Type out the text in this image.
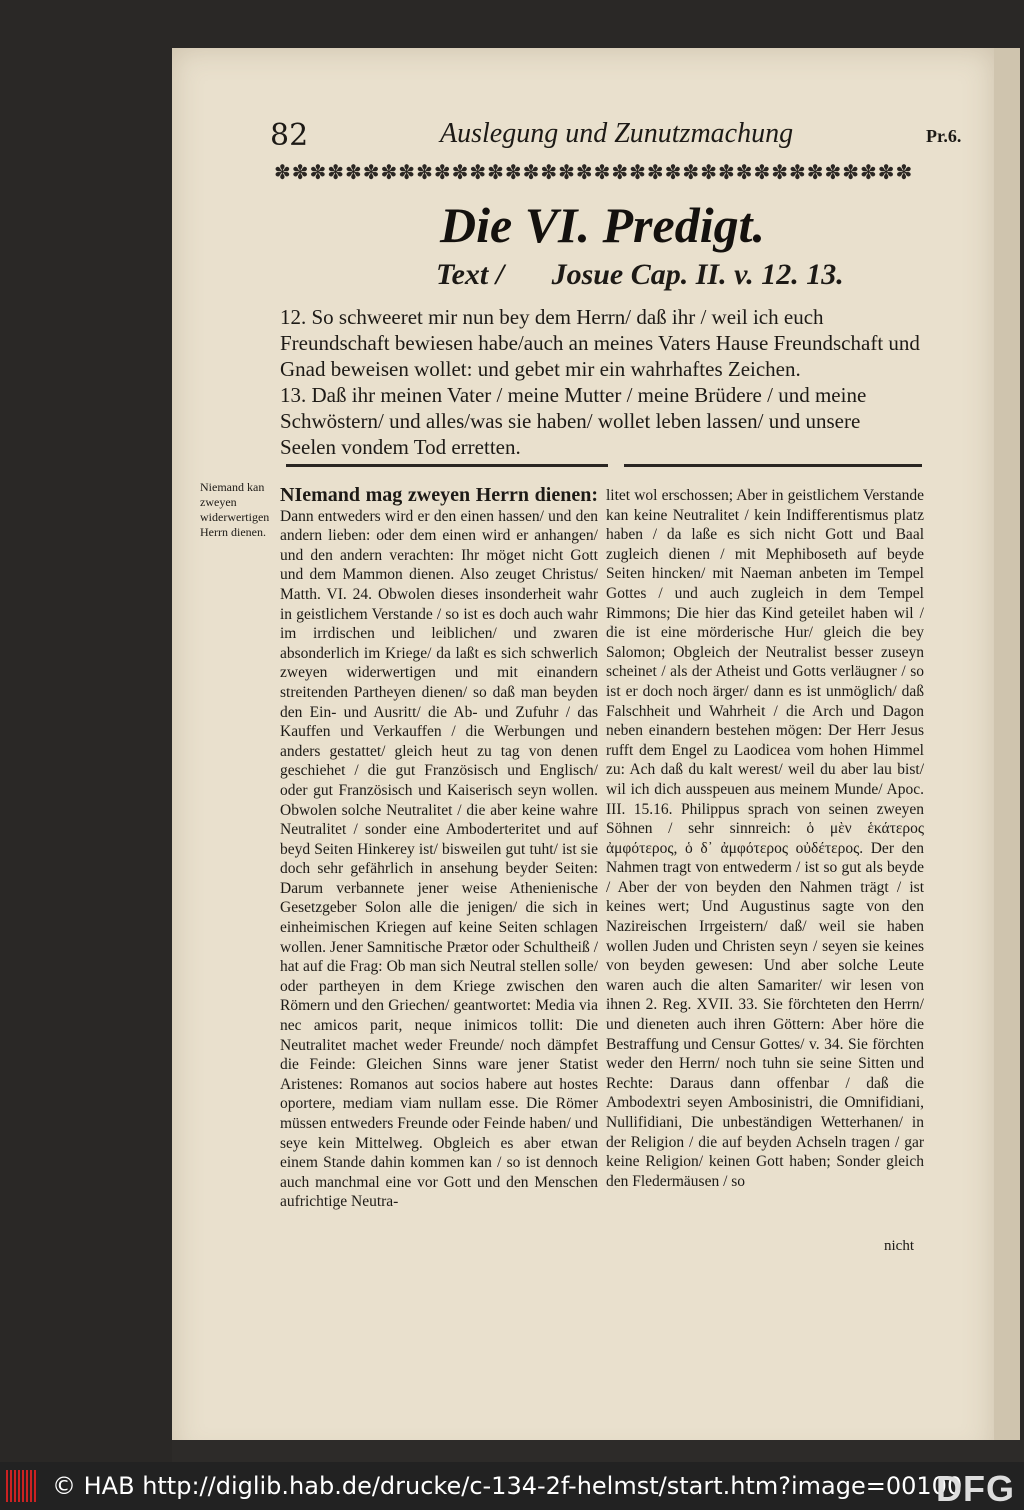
82	Auslegung und Zunutzmachung	Pr.6.
✽✽✽✽✽✽✽✽✽✽✽✽✽✽✽✽✽✽✽✽✽✽✽✽✽✽✽✽✽✽✽✽✽✽✽✽
Die VI. Predigt.
Text / Josue Cap. II. v. 12. 13.
12. So schweeret mir nun bey dem Herrn/ daß ihr / weil ich euch Freundschaft bewiesen habe/auch an meines Vaters Hause Freundschaft und Gnad beweisen wollet: und gebet mir ein wahrhaftes Zeichen.
13. Daß ihr meinen Vater / meine Mutter / meine Brüdere / und meine Schwöstern/ und alles/was sie haben/ wollet leben lassen/ und unsere Seelen vondem Tod erretten.
Niemand kan zweyen widerwertigen Herrn dienen.
NIemand mag zweyen Herrn dienen: Dann entweders wird er den einen hassen/ und den andern lieben: oder dem einen wird er anhangen/ und den andern verachten: Ihr möget nicht Gott und dem Mammon dienen. Also zeuget Christus/ Matth. VI. 24. Obwolen dieses insonderheit wahr in geistlichem Verstande / so ist es doch auch wahr im irrdischen und leiblichen/ und zwaren absonderlich im Kriege/ da laßt es sich schwerlich zweyen widerwertigen und mit einandern streitenden Partheyen dienen/ so daß man beyden den Ein- und Ausritt/ die Ab- und Zufuhr / das Kauffen und Verkauffen / die Werbungen und anders gestattet/ gleich heut zu tag von denen geschiehet / die gut Französisch und Englisch/ oder gut Französisch und Kaiserisch seyn wollen. Obwolen solche Neutralitet / die aber keine wahre Neutralitet / sonder eine Amboderteritet und auf beyd Seiten Hinkerey ist/ bisweilen gut tuht/ ist sie doch sehr gefährlich in ansehung beyder Seiten: Darum verbannete jener weise Athenienische Gesetzgeber Solon alle die jenigen/ die sich in einheimischen Kriegen auf keine Seiten schlagen wollen. Jener Samnitische Prætor oder Schultheiß / hat auf die Frag: Ob man sich Neutral stellen solle/ oder partheyen in dem Kriege zwischen den Römern und den Griechen/ geantwortet: Media via nec amicos parit, neque inimicos tollit: Die Neutralitet machet weder Freunde/ noch dämpfet die Feinde: Gleichen Sinns ware jener Statist Aristenes: Romanos aut socios habere aut hostes oportere, mediam viam nullam esse. Die Römer müssen entweders Freunde oder Feinde haben/ und seye kein Mittelweg. Obgleich es aber etwan einem Stande dahin kommen kan / so ist dennoch auch manchmal eine vor Gott und den Menschen aufrichtige Neutra-
litet wol erschossen; Aber in geistlichem Verstande kan keine Neutralitet / kein Indifferentismus platz haben / da laße es sich nicht Gott und Baal zugleich dienen / mit Mephiboseth auf beyde Seiten hincken/ mit Naeman anbeten im Tempel Gottes / und auch zugleich in dem Tempel Rimmons; Die hier das Kind geteilet haben wil / die ist eine mörderische Hur/ gleich die bey Salomon; Obgleich der Neutralist besser zuseyn scheinet / als der Atheist und Gotts verläugner / so ist er doch noch ärger/ dann es ist unmöglich/ daß Falschheit und Wahrheit / die Arch und Dagon neben einandern bestehen mögen: Der Herr Jesus rufft dem Engel zu Laodicea vom hohen Himmel zu: Ach daß du kalt werest/ weil du aber lau bist/ wil ich dich ausspeuen aus meinem Munde/ Apoc. III. 15.16. Philippus sprach von seinen zweyen Söhnen / sehr sinnreich: ὁ μὲν ἑκάτερος ἀμφότερος, ὁ δ᾽ ἀμφότερος οὐδέτερος. Der den Nahmen tragt von entwederm / ist so gut als beyde / Aber der von beyden den Nahmen trägt / ist keines wert; Und Augustinus sagte von den Nazireischen Irrgeistern/ daß/ weil sie haben wollen Juden und Christen seyn / seyen sie keines von beyden gewesen: Und aber solche Leute waren auch die alten Samariter/ wir lesen von ihnen 2. Reg. XVII. 33. Sie förchteten den Herrn/ und dieneten auch ihren Göttern: Aber höre die Bestraffung und Censur Gottes/ v. 34. Sie förchten weder den Herrn/ noch tuhn sie seine Sitten und Rechte: Daraus dann offenbar / daß die Ambodextri seyen Ambosinistri, die Omnifidiani, Nullifidiani, Die unbeständigen Wetterhanen/ in der Religion / die auf beyden Achseln tragen / gar keine Religion/ keinen Gott haben; Sonder gleich den Fledermäusen / so
nicht
© HAB http://diglib.hab.de/drucke/c-134-2f-helmst/start.htm?image=00100
DFG
